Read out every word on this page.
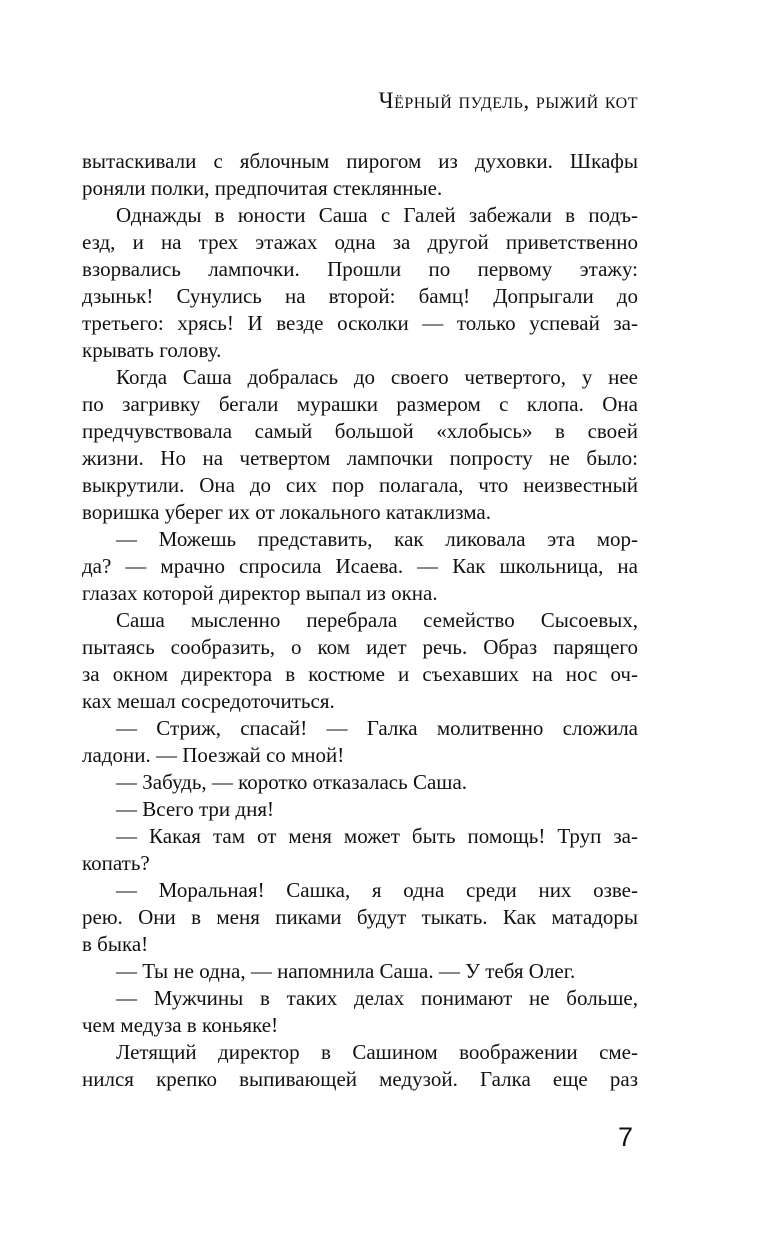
Чёрный пудель, рыжий кот
вытаскивали с яблочным пирогом из духовки. Шкафы
роняли полки, предпочитая стеклянные.
Однажды в юности Саша с Галей забежали в подъ-
езд, и на трех этажах одна за другой приветственно
взорвались лампочки. Прошли по первому этажу:
дзыньк! Сунулись на второй: бамц! Допрыгали до
третьего: хрясь! И везде осколки — только успевай за-
крывать голову.
Когда Саша добралась до своего четвертого, у нее
по загривку бегали мурашки размером с клопа. Она
предчувствовала самый большой «хлобысь» в своей
жизни. Но на четвертом лампочки попросту не было:
выкрутили. Она до сих пор полагала, что неизвестный
воришка уберег их от локального катаклизма.
— Можешь представить, как ликовала эта мор-
да? — мрачно спросила Исаева. — Как школьница, на
глазах которой директор выпал из окна.
Саша мысленно перебрала семейство Сысоевых,
пытаясь сообразить, о ком идет речь. Образ парящего
за окном директора в костюме и съехавших на нос оч-
ках мешал сосредоточиться.
— Стриж, спасай! — Галка молитвенно сложила
ладони. — Поезжай со мной!
— Забудь, — коротко отказалась Саша.
— Всего три дня!
— Какая там от меня может быть помощь! Труп за-
копать?
— Моральная! Сашка, я одна среди них озве-
рею. Они в меня пиками будут тыкать. Как матадоры
в быка!
— Ты не одна, — напомнила Саша. — У тебя Олег.
— Мужчины в таких делах понимают не больше,
чем медуза в коньяке!
Летящий директор в Сашином воображении сме-
нился крепко выпивающей медузой. Галка еще раз
7
